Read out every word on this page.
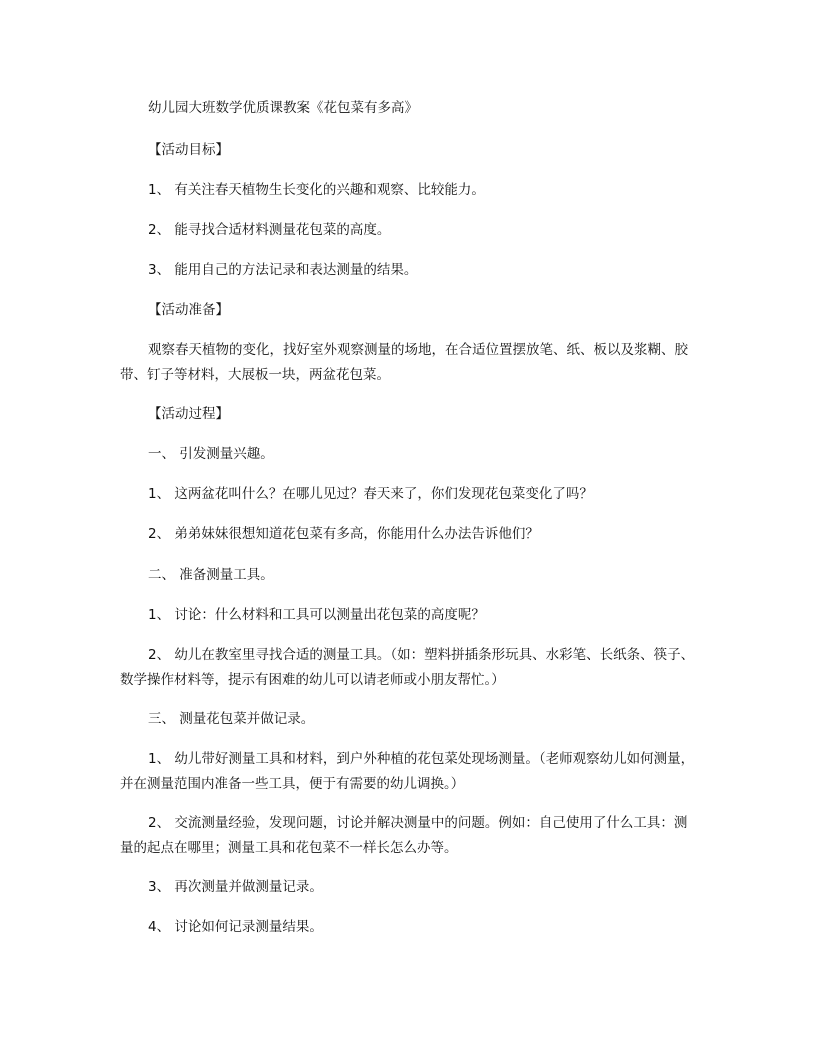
幼儿园大班数学优质课教案《花包菜有多高》

【活动目标】

1、 有关注春天植物生长变化的兴趣和观察、比较能力。

2、 能寻找合适材料测量花包菜的高度。

3、 能用自己的方法记录和表达测量的结果。

【活动准备】

观察春天植物的变化，找好室外观察测量的场地，在合适位置摆放笔、纸、板以及浆糊、胶带、钉子等材料，大展板一块，两盆花包菜。

【活动过程】

一、 引发测量兴趣。

1、 这两盆花叫什么？在哪儿见过？春天来了，你们发现花包菜变化了吗？

2、 弟弟妹妹很想知道花包菜有多高，你能用什么办法告诉他们？

二、 准备测量工具。

1、 讨论：什么材料和工具可以测量出花包菜的高度呢？

2、 幼儿在教室里寻找合适的测量工具。（如：塑料拼插条形玩具、水彩笔、长纸条、筷子、数学操作材料等，提示有困难的幼儿可以请老师或小朋友帮忙。）

三、 测量花包菜并做记录。

1、 幼儿带好测量工具和材料，到户外种植的花包菜处现场测量。（老师观察幼儿如何测量，并在测量范围内准备一些工具，便于有需要的幼儿调换。）

2、 交流测量经验，发现问题，讨论并解决测量中的问题。例如：自己使用了什么工具：测量的起点在哪里；测量工具和花包菜不一样长怎么办等。

3、 再次测量并做测量记录。

4、 讨论如何记录测量结果。
